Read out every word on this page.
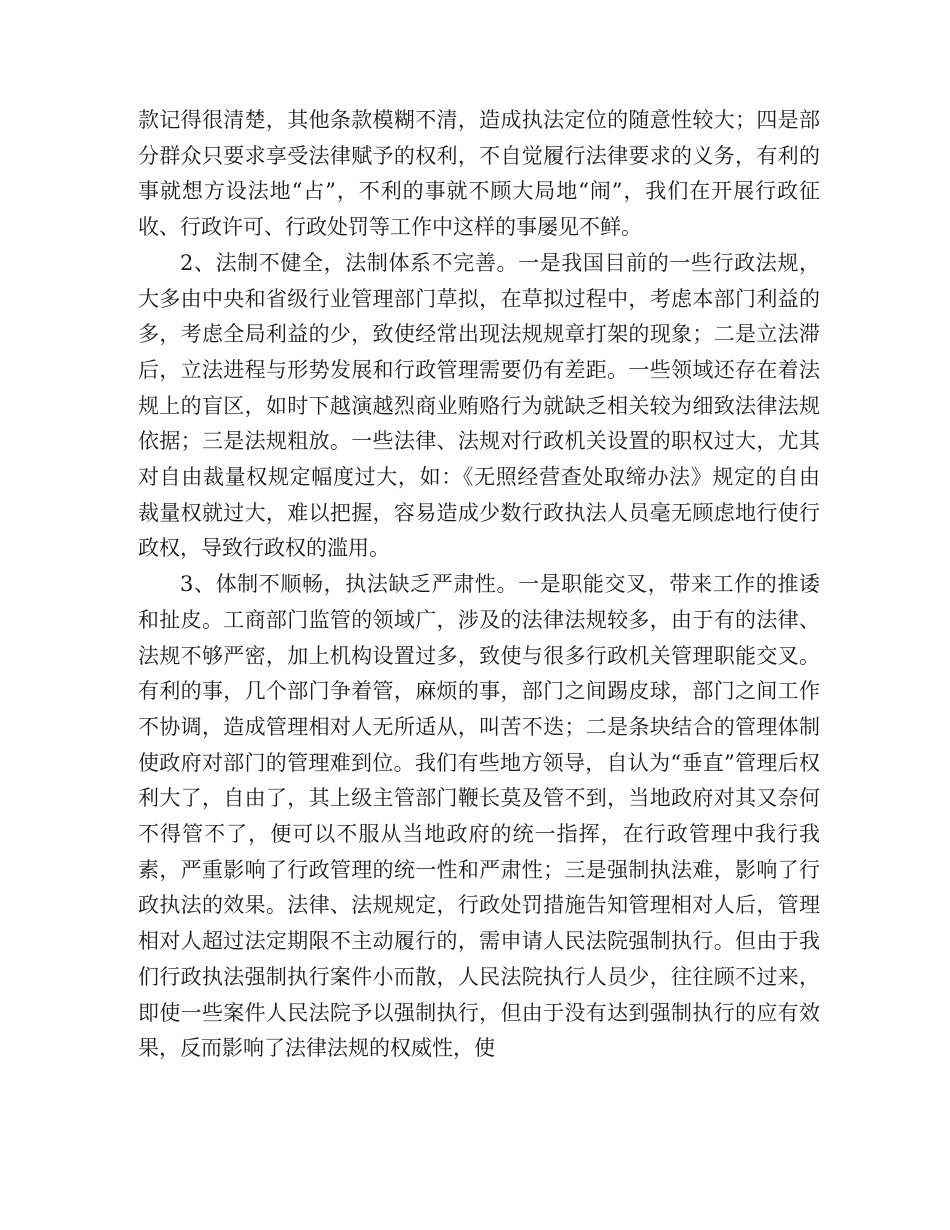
款记得很清楚，其他条款模糊不清，造成执法定位的随意性较大；四是部分群众只要求享受法律赋予的权利，不自觉履行法律要求的义务，有利的事就想方设法地“占”，不利的事就不顾大局地“闹”，我们在开展行政征收、行政许可、行政处罚等工作中这样的事屡见不鲜。

2、法制不健全，法制体系不完善。一是我国目前的一些行政法规，大多由中央和省级行业管理部门草拟，在草拟过程中，考虑本部门利益的多，考虑全局利益的少，致使经常出现法规规章打架的现象；二是立法滞后，立法进程与形势发展和行政管理需要仍有差距。一些领域还存在着法规上的盲区，如时下越演越烈商业贿赂行为就缺乏相关较为细致法律法规依据；三是法规粗放。一些法律、法规对行政机关设置的职权过大，尤其对自由裁量权规定幅度过大，如：《无照经营查处取缔办法》规定的自由裁量权就过大，难以把握，容易造成少数行政执法人员毫无顾虑地行使行政权，导致行政权的滥用。

3、体制不顺畅，执法缺乏严肃性。一是职能交叉，带来工作的推诿和扯皮。工商部门监管的领域广，涉及的法律法规较多，由于有的法律、法规不够严密，加上机构设置过多，致使与很多行政机关管理职能交叉。有利的事，几个部门争着管，麻烦的事，部门之间踢皮球，部门之间工作不协调，造成管理相对人无所适从，叫苦不迭；二是条块结合的管理体制使政府对部门的管理难到位。我们有些地方领导，自认为“垂直”管理后权利大了，自由了，其上级主管部门鞭长莫及管不到，当地政府对其又奈何不得管不了，便可以不服从当地政府的统一指挥，在行政管理中我行我素，严重影响了行政管理的统一性和严肃性；三是强制执法难，影响了行政执法的效果。法律、法规规定，行政处罚措施告知管理相对人后，管理相对人超过法定期限不主动履行的，需申请人民法院强制执行。但由于我们行政执法强制执行案件小而散，人民法院执行人员少，往往顾不过来，即使一些案件人民法院予以强制执行，但由于没有达到强制执行的应有效果，反而影响了法律法规的权威性，使
